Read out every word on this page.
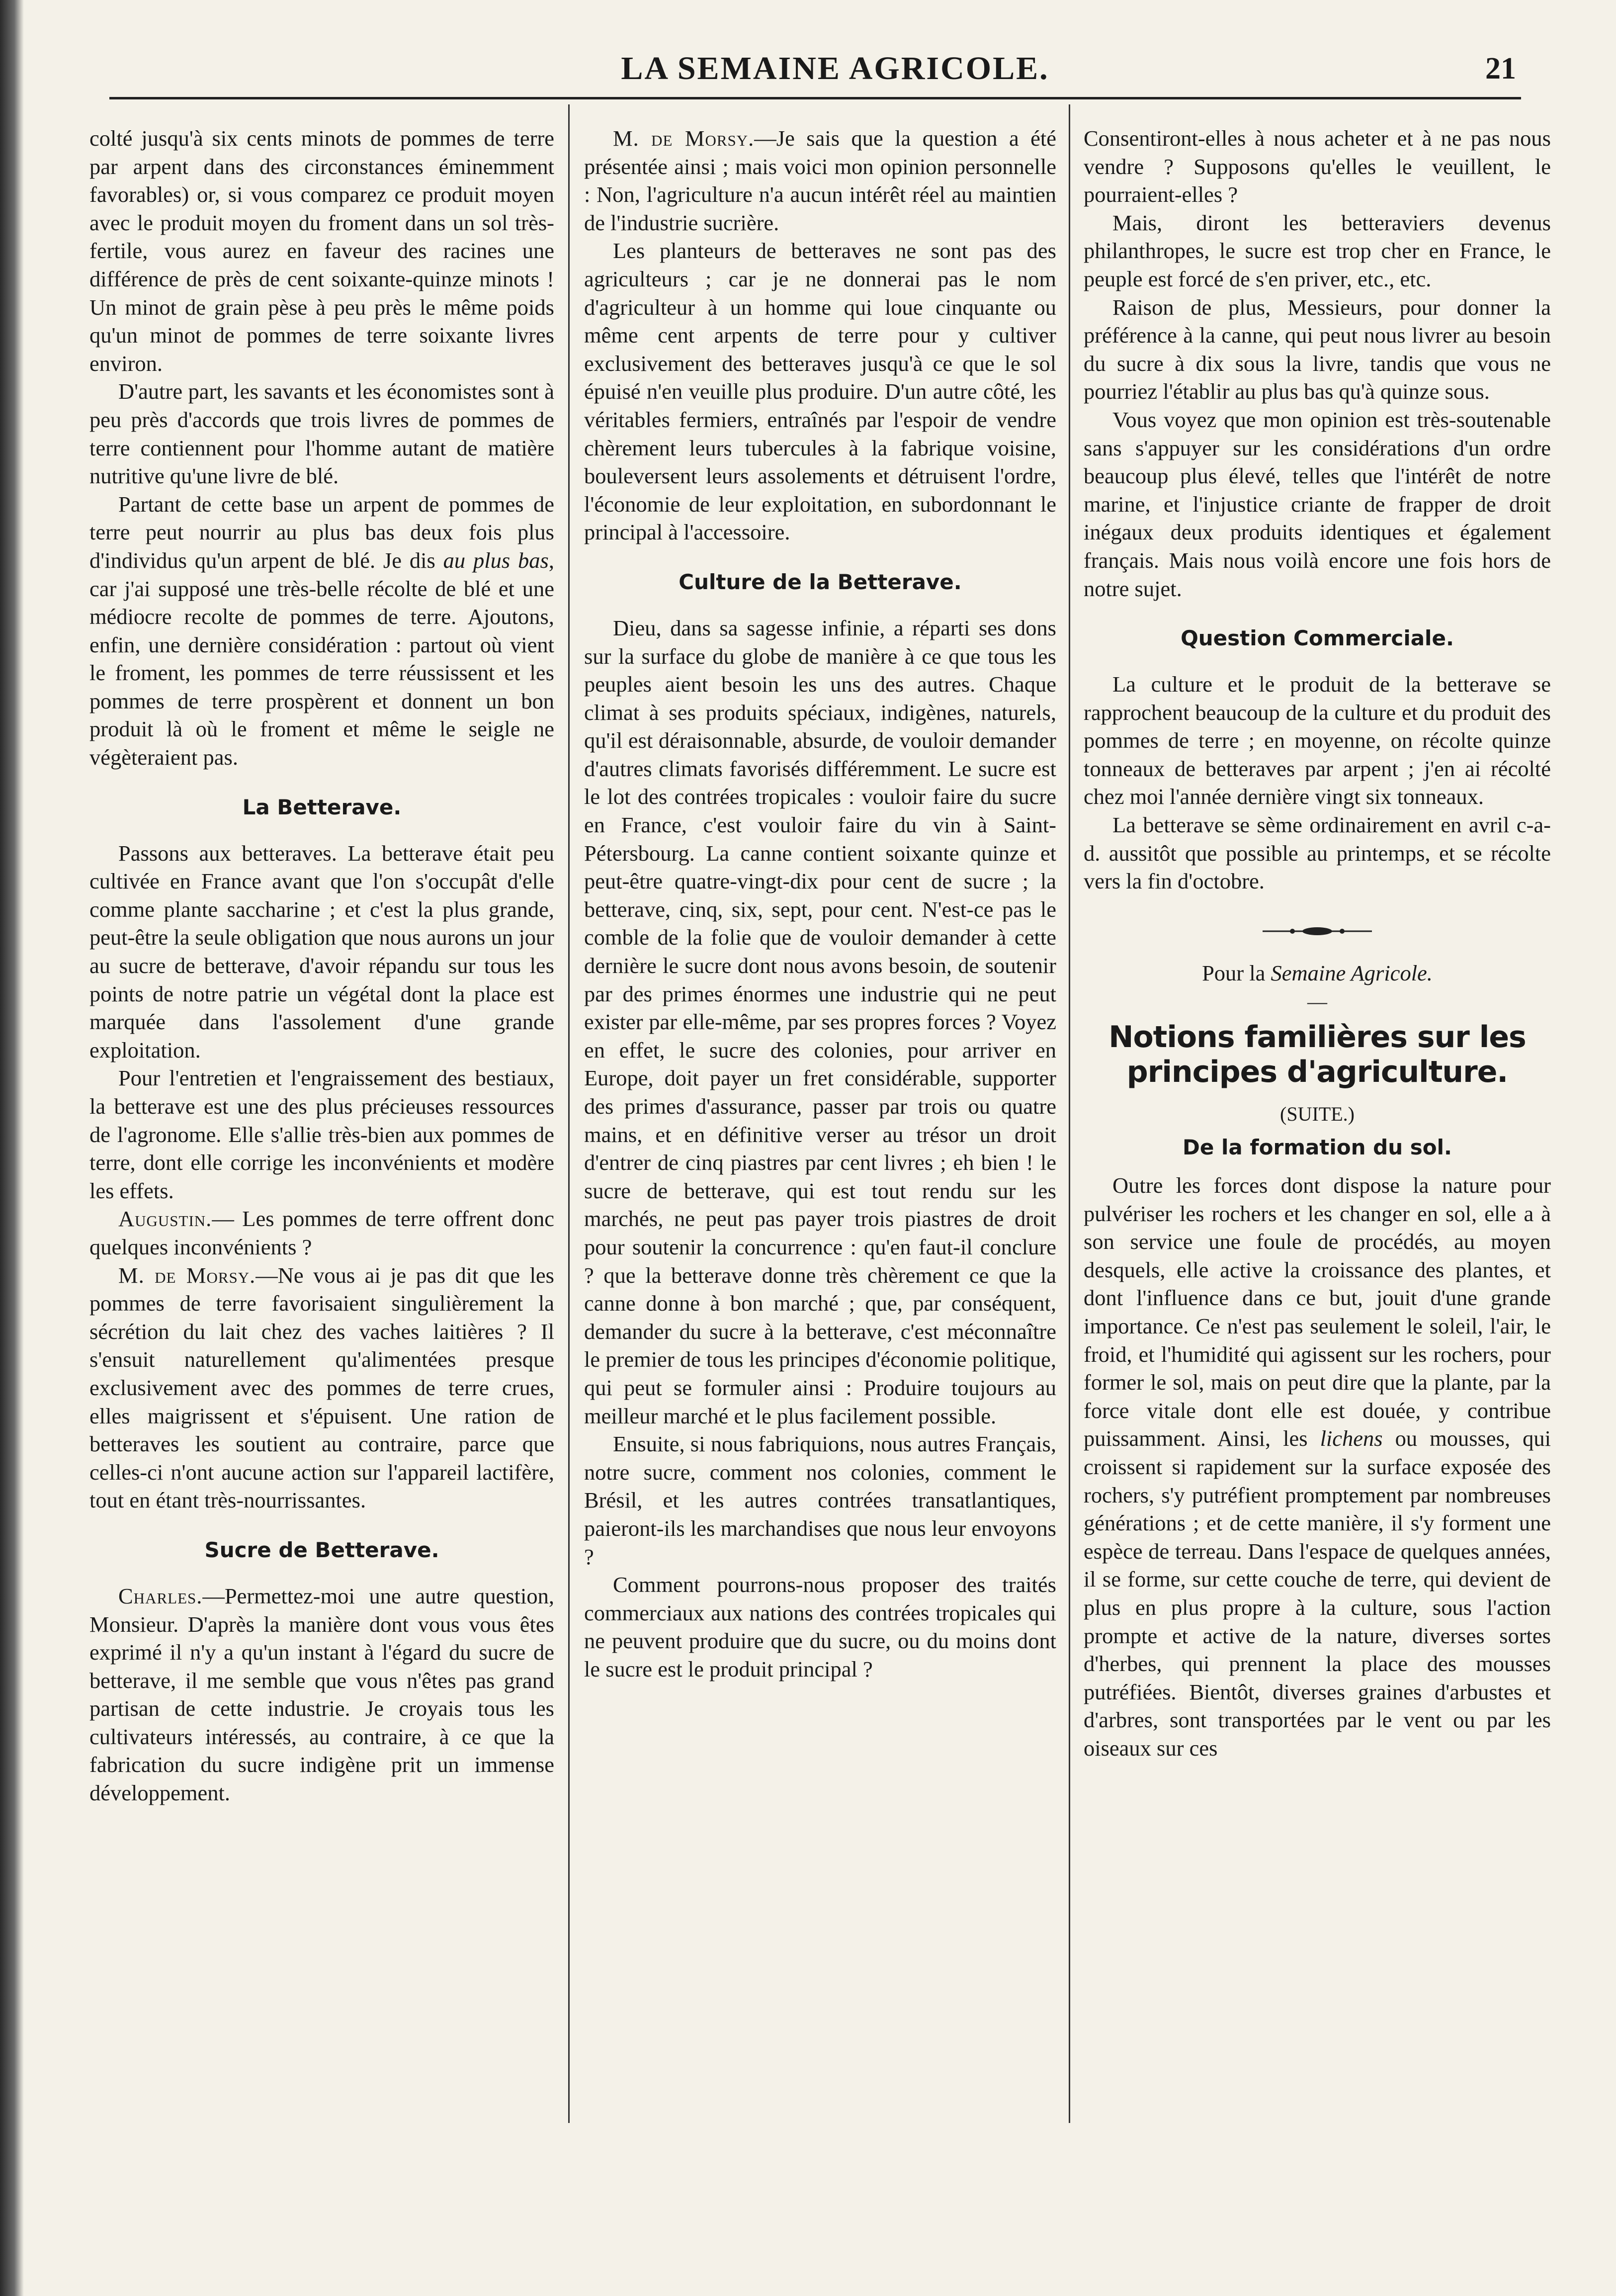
LA SEMAINE AGRICOLE.	21

colté jusqu'à six cents minots de pommes de terre par arpent dans des circonstances éminemment favorables) or, si vous comparez ce produit moyen avec le produit moyen du froment dans un sol très-fertile, vous aurez en faveur des racines une différence de près de cent soixante-quinze minots ! Un minot de grain pèse à peu près le même poids qu'un minot de pommes de terre soixante livres environ.

D'autre part, les savants et les économistes sont à peu près d'accords que trois livres de pommes de terre contiennent pour l'homme autant de matière nutritive qu'une livre de blé.

Partant de cette base un arpent de pommes de terre peut nourrir au plus bas deux fois plus d'individus qu'un arpent de blé. Je dis au plus bas, car j'ai supposé une très-belle récolte de blé et une médiocre recolte de pommes de terre. Ajoutons, enfin, une dernière considération : partout où vient le froment, les pommes de terre réussissent et les pommes de terre prospèrent et donnent un bon produit là où le froment et même le seigle ne végèteraient pas.

La Betterave.

Passons aux betteraves. La betterave était peu cultivée en France avant que l'on s'occupât d'elle comme plante saccharine ; et c'est la plus grande, peut-être la seule obligation que nous aurons un jour au sucre de betterave, d'avoir répandu sur tous les points de notre patrie un végétal dont la place est marquée dans l'assolement d'une grande exploitation.

Pour l'entretien et l'engraissement des bestiaux, la betterave est une des plus précieuses ressources de l'agronome. Elle s'allie très-bien aux pommes de terre, dont elle corrige les inconvénients et modère les effets.

Augustin.— Les pommes de terre offrent donc quelques inconvénients ?

M. de Morsy.—Ne vous ai je pas dit que les pommes de terre favorisaient singulièrement la sécrétion du lait chez des vaches laitières ? Il s'ensuit naturellement qu'alimentées presque exclusivement avec des pommes de terre crues, elles maigrissent et s'épuisent. Une ration de betteraves les soutient au contraire, parce que celles-ci n'ont aucune action sur l'appareil lactifère, tout en étant très-nourrissantes.

Sucre de Betterave.

Charles.—Permettez-moi une autre question, Monsieur. D'après la manière dont vous vous êtes exprimé il n'y a qu'un instant à l'égard du sucre de betterave, il me semble que vous n'êtes pas grand partisan de cette industrie. Je croyais tous les cultivateurs intéressés, au contraire, à ce que la fabrication du sucre indigène prit un immense développement.

M. de Morsy.—Je sais que la question a été présentée ainsi ; mais voici mon opinion personnelle : Non, l'agriculture n'a aucun intérêt réel au maintien de l'industrie sucrière.

Les planteurs de betteraves ne sont pas des agriculteurs ; car je ne donnerai pas le nom d'agriculteur à un homme qui loue cinquante ou même cent arpents de terre pour y cultiver exclusivement des betteraves jusqu'à ce que le sol épuisé n'en veuille plus produire. D'un autre côté, les véritables fermiers, entraînés par l'espoir de vendre chèrement leurs tubercules à la fabrique voisine, bouleversent leurs assolements et détruisent l'ordre, l'économie de leur exploitation, en subordonnant le principal à l'accessoire.

Culture de la Betterave.

Dieu, dans sa sagesse infinie, a réparti ses dons sur la surface du globe de manière à ce que tous les peuples aient besoin les uns des autres. Chaque climat à ses produits spéciaux, indigènes, naturels, qu'il est déraisonnable, absurde, de vouloir demander d'autres climats favorisés différemment. Le sucre est le lot des contrées tropicales : vouloir faire du sucre en France, c'est vouloir faire du vin à Saint-Pétersbourg. La canne contient soixante quinze et peut-être quatre-vingt-dix pour cent de sucre ; la betterave, cinq, six, sept, pour cent. N'est-ce pas le comble de la folie que de vouloir demander à cette dernière le sucre dont nous avons besoin, de soutenir par des primes énormes une industrie qui ne peut exister par elle-même, par ses propres forces ? Voyez en effet, le sucre des colonies, pour arriver en Europe, doit payer un fret considérable, supporter des primes d'assurance, passer par trois ou quatre mains, et en définitive verser au trésor un droit d'entrer de cinq piastres par cent livres ; eh bien ! le sucre de betterave, qui est tout rendu sur les marchés, ne peut pas payer trois piastres de droit pour soutenir la concurrence : qu'en faut-il conclure ? que la betterave donne très chèrement ce que la canne donne à bon marché ; que, par conséquent, demander du sucre à la betterave, c'est méconnaître le premier de tous les principes d'économie politique, qui peut se formuler ainsi : Produire toujours au meilleur marché et le plus facilement possible.

Ensuite, si nous fabriquions, nous autres Français, notre sucre, comment nos colonies, comment le Brésil, et les autres contrées transatlantiques, paieront-ils les marchandises que nous leur envoyons ?

Comment pourrons-nous proposer des traités commerciaux aux nations des contrées tropicales qui ne peuvent produire que du sucre, ou du moins dont le sucre est le produit principal ?

Consentiront-elles à nous acheter et à ne pas nous vendre ? Supposons qu'elles le veuillent, le pourraient-elles ?

Mais, diront les betteraviers devenus philanthropes, le sucre est trop cher en France, le peuple est forcé de s'en priver, etc., etc.

Raison de plus, Messieurs, pour donner la préférence à la canne, qui peut nous livrer au besoin du sucre à dix sous la livre, tandis que vous ne pourriez l'établir au plus bas qu'à quinze sous.

Vous voyez que mon opinion est très-soutenable sans s'appuyer sur les considérations d'un ordre beaucoup plus élevé, telles que l'intérêt de notre marine, et l'injustice criante de frapper de droit inégaux deux produits identiques et également français. Mais nous voilà encore une fois hors de notre sujet.

Question Commerciale.

La culture et le produit de la betterave se rapprochent beaucoup de la culture et du produit des pommes de terre ; en moyenne, on récolte quinze tonneaux de betteraves par arpent ; j'en ai récolté chez moi l'année dernière vingt six tonneaux.

La betterave se sème ordinairement en avril c-a-d. aussitôt que possible au printemps, et se récolte vers la fin d'octobre.

Pour la Semaine Agricole.

—
Notions familières sur les principes d'agriculture.
(SUITE.)
De la formation du sol.

Outre les forces dont dispose la nature pour pulvériser les rochers et les changer en sol, elle a à son service une foule de procédés, au moyen desquels, elle active la croissance des plantes, et dont l'influence dans ce but, jouit d'une grande importance. Ce n'est pas seulement le soleil, l'air, le froid, et l'humidité qui agissent sur les rochers, pour former le sol, mais on peut dire que la plante, par la force vitale dont elle est douée, y contribue puissamment. Ainsi, les lichens ou mousses, qui croissent si rapidement sur la surface exposée des rochers, s'y putréfient promptement par nombreuses générations ; et de cette manière, il s'y forment une espèce de terreau. Dans l'espace de quelques années, il se forme, sur cette couche de terre, qui devient de plus en plus propre à la culture, sous l'action prompte et active de la nature, diverses sortes d'herbes, qui prennent la place des mousses putréfiées. Bientôt, diverses graines d'arbustes et d'arbres, sont transportées par le vent ou par les oiseaux sur ces
